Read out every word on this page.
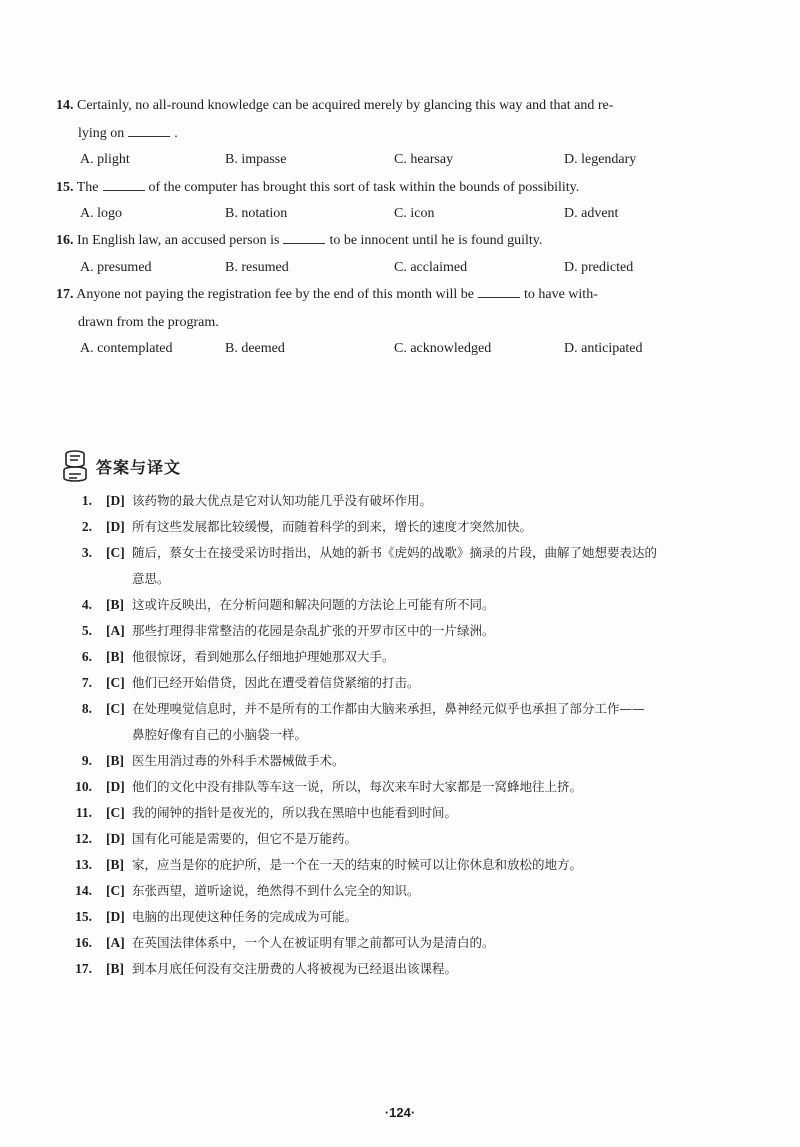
14. Certainly, no all-round knowledge can be acquired merely by glancing this way and that and re-
lying on	.
A. plight	B. impasse	C. hearsay	D. legendary
15. The	of the computer has brought this sort of task within the bounds of possibility.
A. logo	B. notation	C. icon	D. advent
16. In English law, an accused person is	to be innocent until he is found guilty.
A. presumed	B. resumed	C. acclaimed	D. predicted
17. Anyone not paying the registration fee by the end of this month will be	to have with-
drawn from the program.
A. contemplated	B. deemed	C. acknowledged	D. anticipated
答案与译文
1. [D] 该药物的最大优点是它对认知功能几乎没有破坏作用。
2. [D] 所有这些发展都比较缓慢，而随着科学的到来，增长的速度才突然加快。
3. [C] 随后，蔡女士在接受采访时指出，从她的新书《虎妈的战歌》摘录的片段，曲解了她想要表达的
意思。
4. [B] 这或许反映出，在分析问题和解决问题的方法论上可能有所不同。
5. [A] 那些打理得非常整洁的花园是杂乱扩张的开罗市区中的一片绿洲。
6. [B] 他很惊讶，看到她那么仔细地护理她那双大手。
7. [C] 他们已经开始借贷，因此在遭受着信贷紧缩的打击。
8. [C] 在处理嗅觉信息时，并不是所有的工作都由大脑来承担，鼻神经元似乎也承担了部分工作——
鼻腔好像有自己的小脑袋一样。
9. [B] 医生用消过毒的外科手术器械做手术。
10. [D] 他们的文化中没有排队等车这一说，所以，每次来车时大家都是一窝蜂地往上挤。
11. [C] 我的闹钟的指针是夜光的，所以我在黑暗中也能看到时间。
12. [D] 国有化可能是需要的，但它不是万能药。
13. [B] 家，应当是你的庇护所，是一个在一天的结束的时候可以让你休息和放松的地方。
14. [C] 东张西望，道听途说，绝然得不到什么完全的知识。
15. [D] 电脑的出现使这种任务的完成成为可能。
16. [A] 在英国法律体系中，一个人在被证明有罪之前都可认为是清白的。
17. [B] 到本月底任何没有交注册费的人将被视为已经退出该课程。
·124·
